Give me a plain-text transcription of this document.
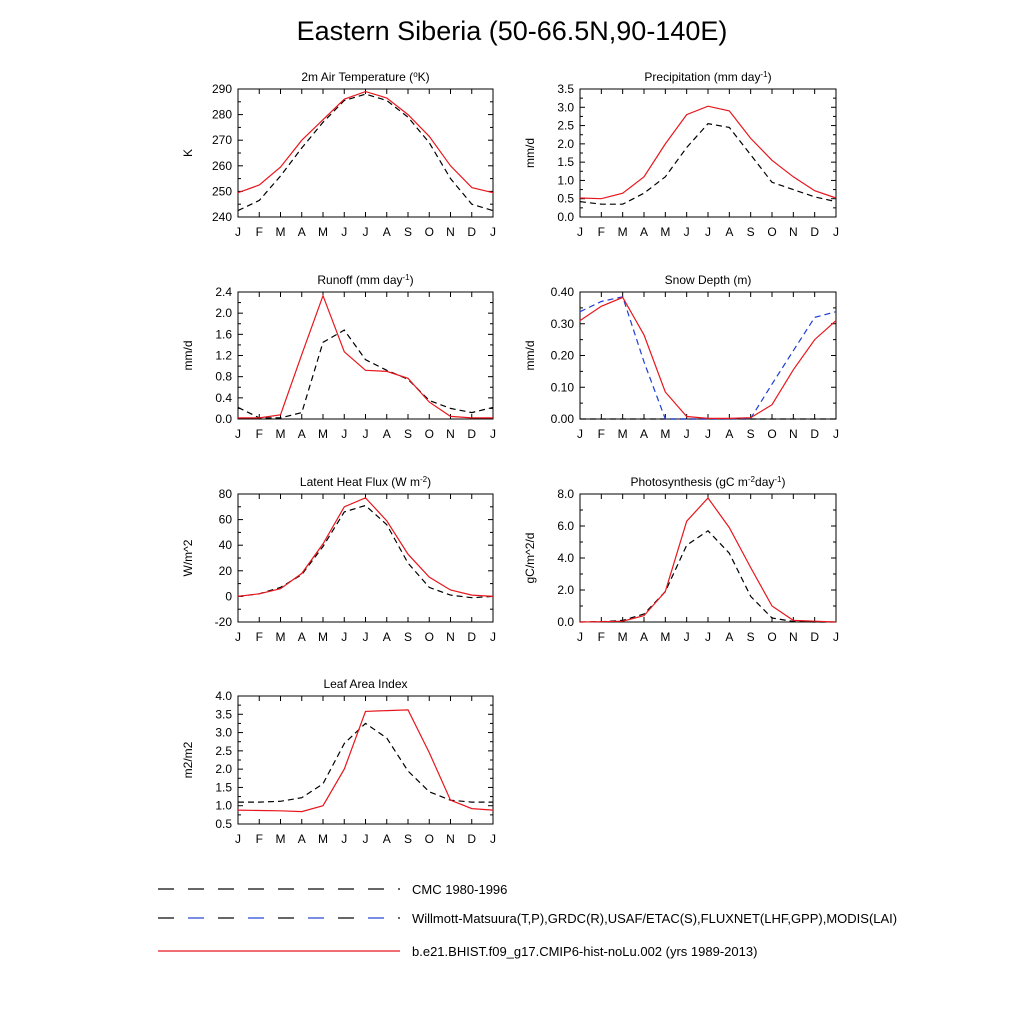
Eastern Siberia (50-66.5N,90-140E)
2m Air Temperature ($^o$K)
K
240
250
260
270
280
290
J F M A M J J A S O N D J
Precipitation (mm day$^{-1}$)
mm/d
0.0
0.5
1.0
1.5
2.0
2.5
3.0
3.5
J F M A M J J A S O N D J
Runoff (mm day$^{-1}$)
mm/d
0.0
0.4
0.8
1.2
1.6
2.0
2.4
J F M A M J J A S O N D J
Snow Depth (m)
mm/d
0.00
0.10
0.20
0.30
0.40
J F M A M J J A S O N D J
Latent Heat Flux (W $m^{-2}$)
W/m^2
-20
0
20
40
60
80
J F M A M J J A S O N D J
Photosynthesis (gC $m^{-2}day^{-1}$)
gC/m^2/d
0.0
2.0
4.0
6.0
8.0
J F M A M J J A S O N D J
Leaf Area Index
m2/m2
0.5
1.0
1.5
2.0
2.5
3.0
3.5
4.0
J F M A M J J A S O N D J
CMC 1980-1996
Willmott-Matsuura(T,P),GRDC(R),USAF/ETAC(S),FLUXNET(LHF,GPP),MODIS(LAI)
b.e21.BHIST.f09_g17.CMIP6-hist-noLu.002 (yrs 1989-2013)
